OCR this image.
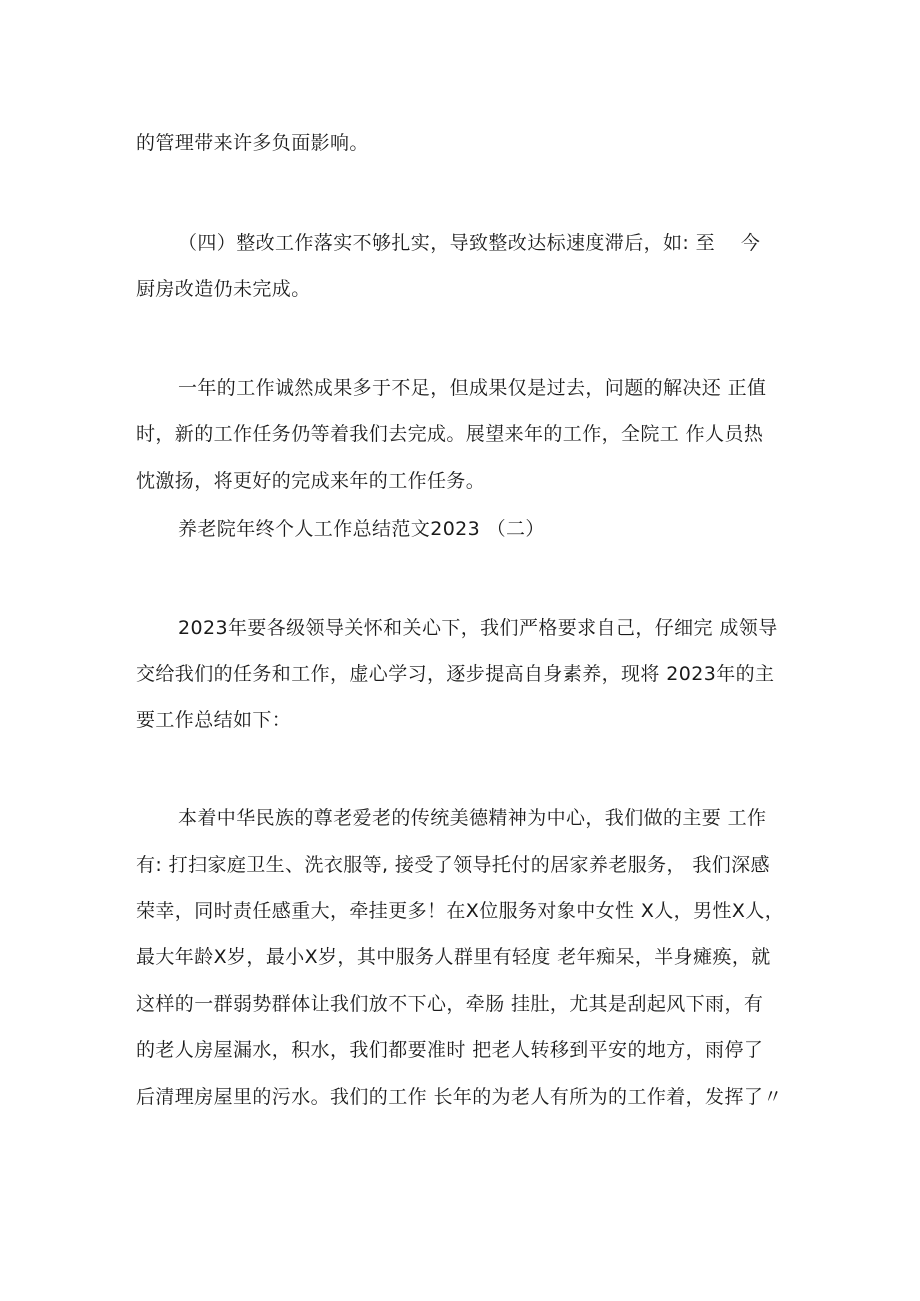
的管理带来许多负面影响。
（四）整改工作落实不够扎实，导致整改达标速度滞后，如: 至　 今
厨房改造仍未完成。
一年的工作诚然成果多于不足，但成果仅是过去，问题的解决还 正值
时，新的工作任务仍等着我们去完成。展望来年的工作，全院工 作人员热
忱激扬，将更好的完成来年的工作任务。
养老院年终个人工作总结范文2023 （二）
2023年要各级领导关怀和关心下，我们严格要求自己，仔细完 成领导
交给我们的任务和工作，虚心学习，逐步提高自身素养，现将 2023年的主
要工作总结如下：
本着中华民族的尊老爱老的传统美德精神为中心，我们做的主要 工作
有: 打扫家庭卫生、洗衣服等, 接受了领导托付的居家养老服务， 我们深感
荣幸，同时责任感重大，牵挂更多！在X位服务对象中女性 X人，男性X人，
最大年龄X岁，最小X岁，其中服务人群里有轻度 老年痴呆，半身瘫痪，就
这样的一群弱势群体让我们放不下心，牵肠 挂肚，尤其是刮起风下雨，有
的老人房屋漏水，积水，我们都要准时 把老人转移到平安的地方，雨停了
后清理房屋里的污水。我们的工作 长年的为老人有所为的工作着，发挥了〃
